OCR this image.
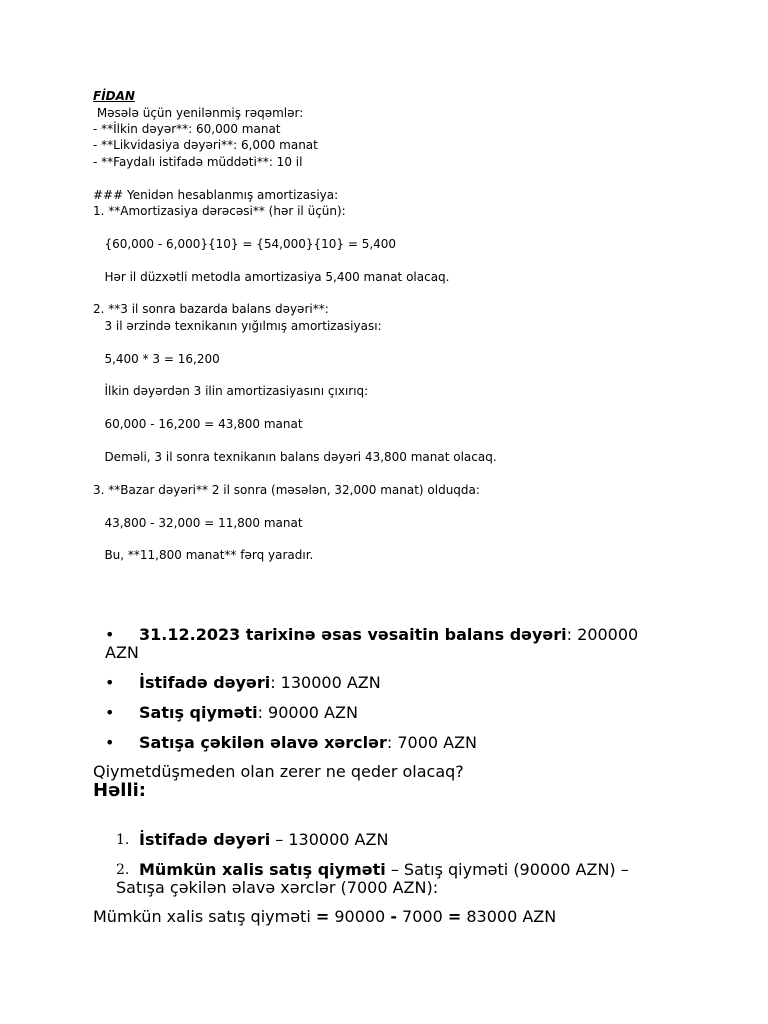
FİDAN
Məsələ üçün yenilənmiş rəqəmlər:
- **İlkin dəyər**: 60,000 manat
- **Likvidasiya dəyəri**: 6,000 manat
- **Faydalı istifadə müddəti**: 10 il
### Yenidən hesablanmış amortizasiya:
1. **Amortizasiya dərəcəsi** (hər il üçün):
{60,000 - 6,000}{10} = {54,000}{10} = 5,400
Hər il düzxətli metodla amortizasiya 5,400 manat olacaq.
2. **3 il sonra bazarda balans dəyəri**:
3 il ərzində texnikanın yığılmış amortizasiyası:
5,400 * 3 = 16,200
İlkin dəyərdən 3 ilin amortizasiyasını çıxırıq:
60,000 - 16,200 = 43,800 manat
Deməli, 3 il sonra texnikanın balans dəyəri 43,800 manat olacaq.
3. **Bazar dəyəri** 2 il sonra (məsələn, 32,000 manat) olduqda:
43,800 - 32,000 = 11,800 manat
Bu, **11,800 manat** fərq yaradır.
• 31.12.2023 tarixinə əsas vəsaitin balans dəyəri: 200000
AZN
• İstifadə dəyəri: 130000 AZN
• Satış qiyməti: 90000 AZN
• Satışa çəkilən əlavə xərclər: 7000 AZN
Qiymetdüşmeden olan zerer ne qeder olacaq?
Həlli:
1. İstifadə dəyəri – 130000 AZN
2. Mümkün xalis satış qiyməti – Satış qiyməti (90000 AZN) –
Satışa çəkilən əlavə xərclər (7000 AZN):
Mümkün xalis satış qiyməti = 90000 - 7000 = 83000 AZN
